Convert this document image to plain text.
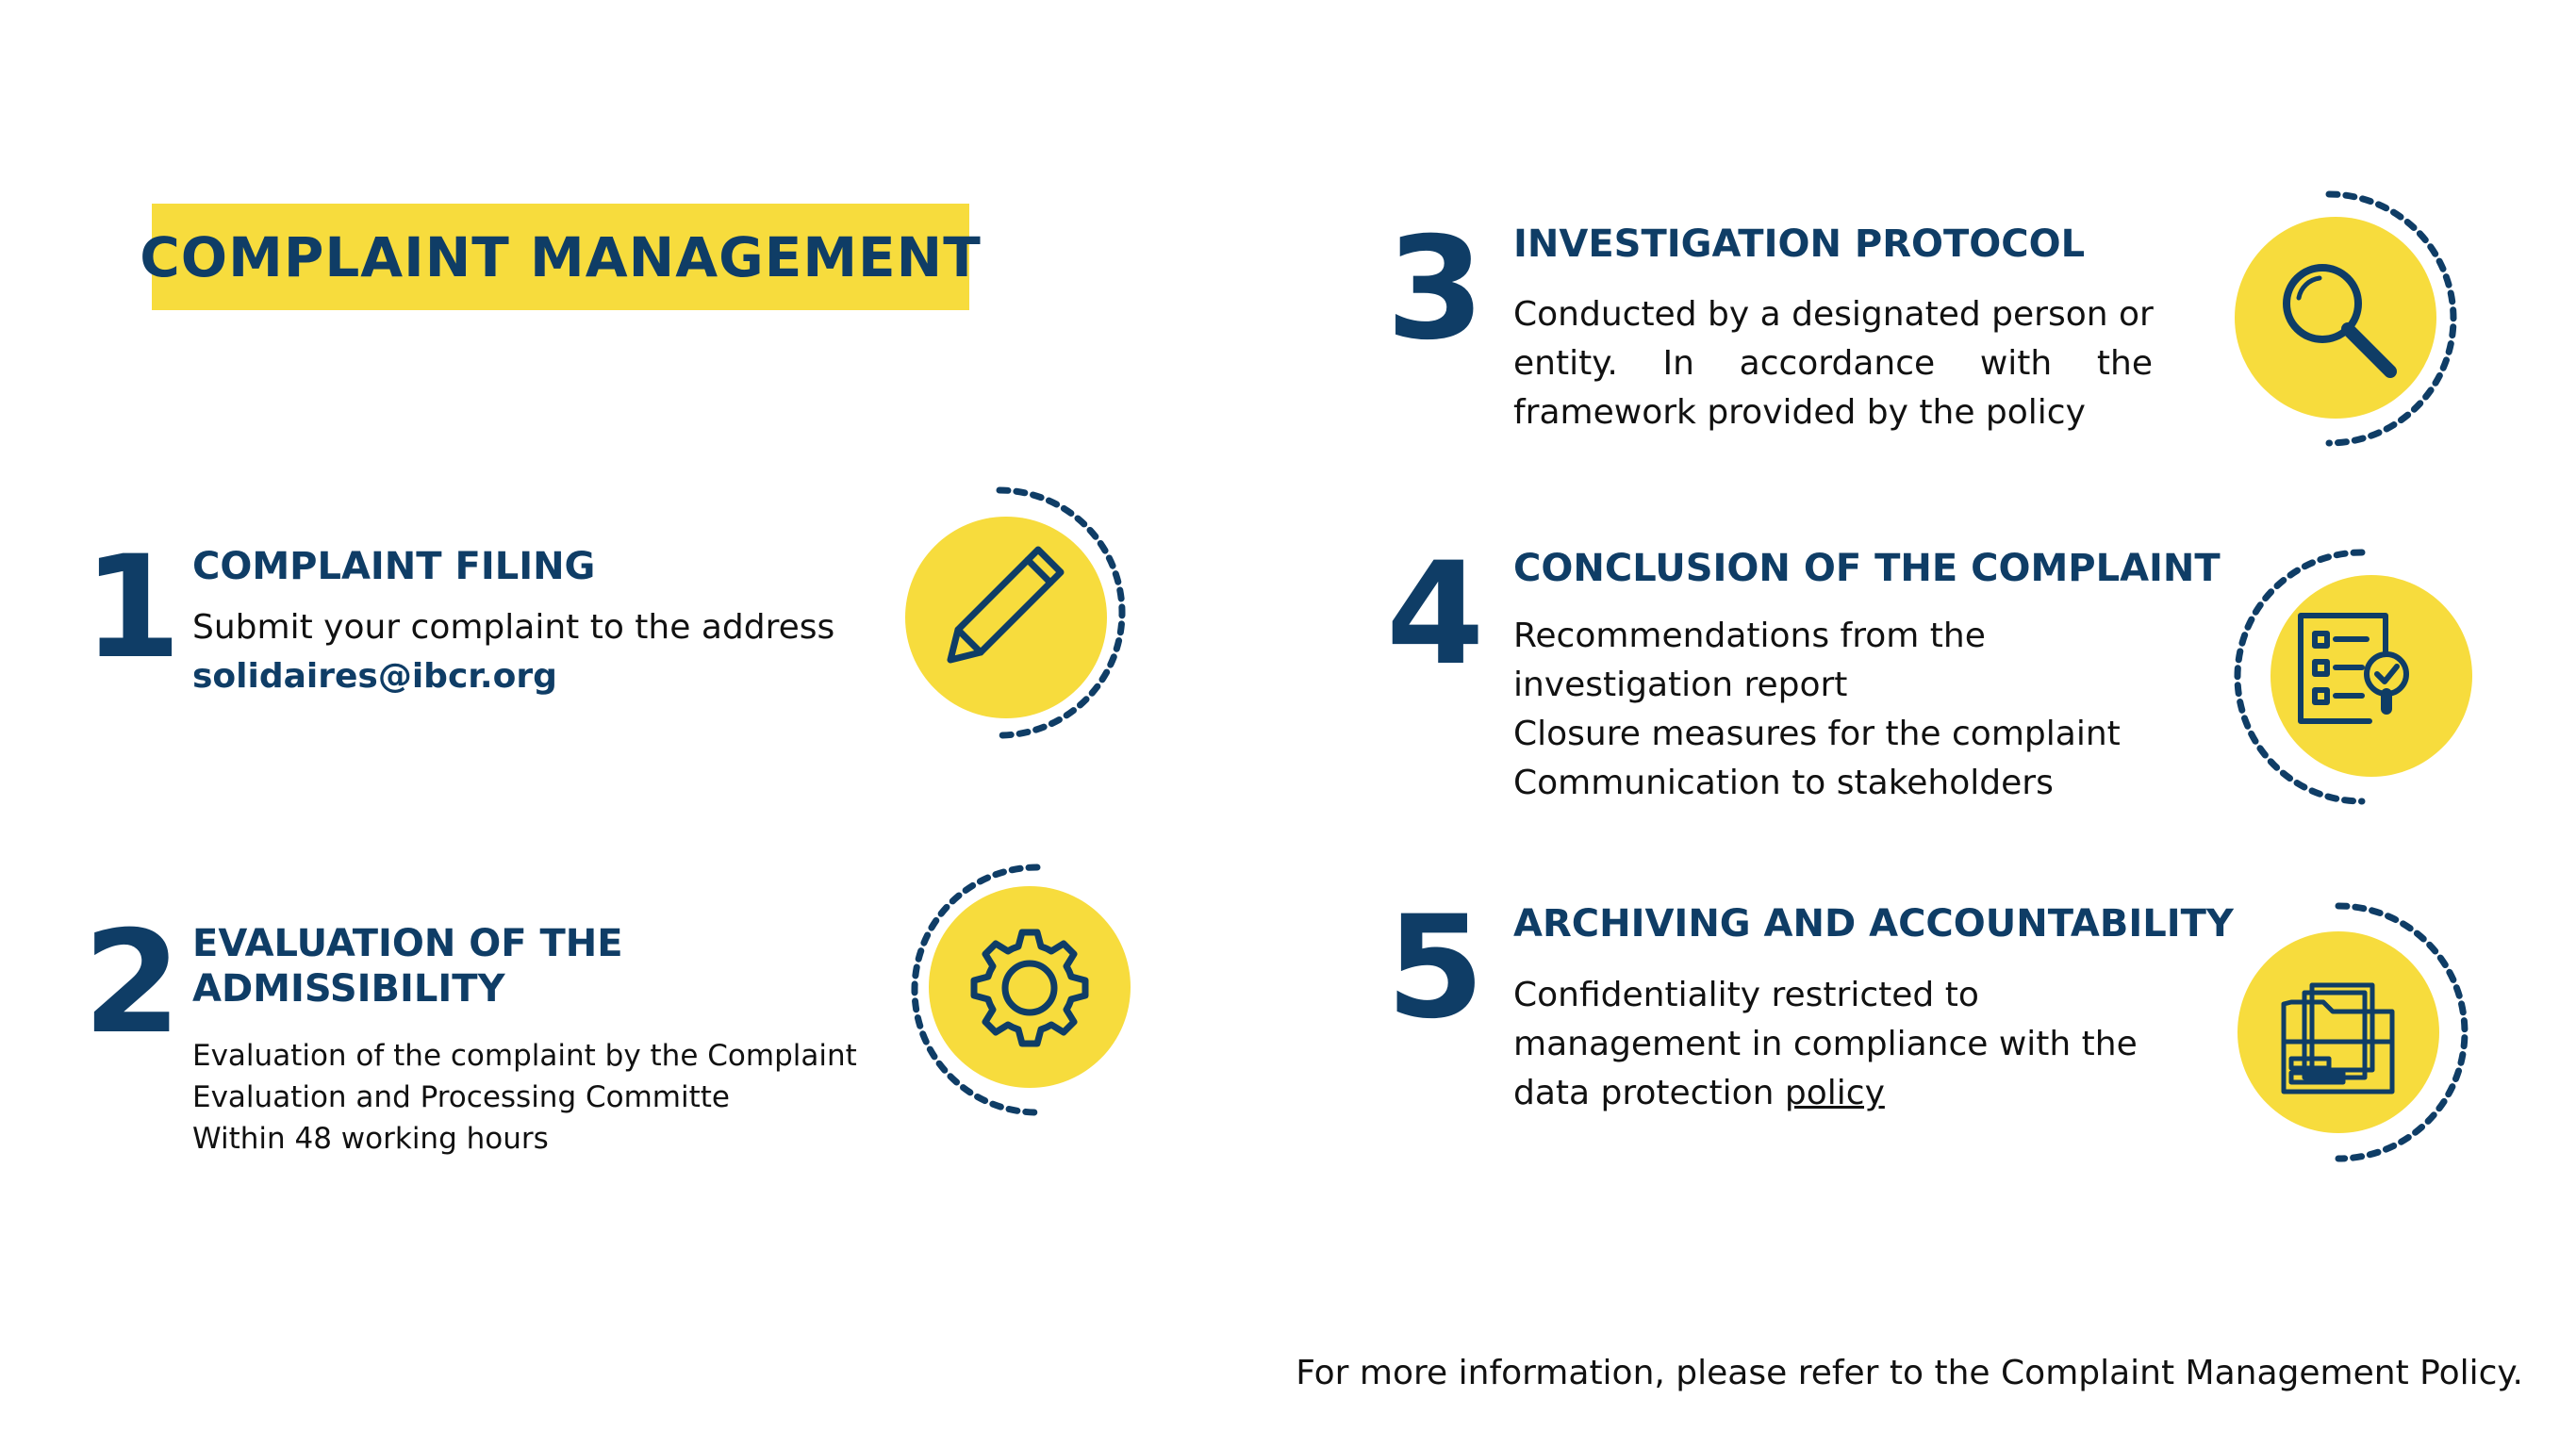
COMPLAINT MANAGEMENT
1 COMPLAINT FILING
Submit your complaint to the address
solidaires@ibcr.org
2 EVALUATION OF THE
ADMISSIBILITY
Evaluation of the complaint by the Complaint
Evaluation and Processing Committe
Within 48 working hours
3 INVESTIGATION PROTOCOL
Conducted by a designated person or
entity. In accordance with the
framework provided by the policy
4 CONCLUSION OF THE COMPLAINT
Recommendations from the
investigation report
Closure measures for the complaint
Communication to stakeholders
5 ARCHIVING AND ACCOUNTABILITY
Confidentiality restricted to
management in compliance with the
data protection policy
For more information, please refer to the Complaint Management Policy.
